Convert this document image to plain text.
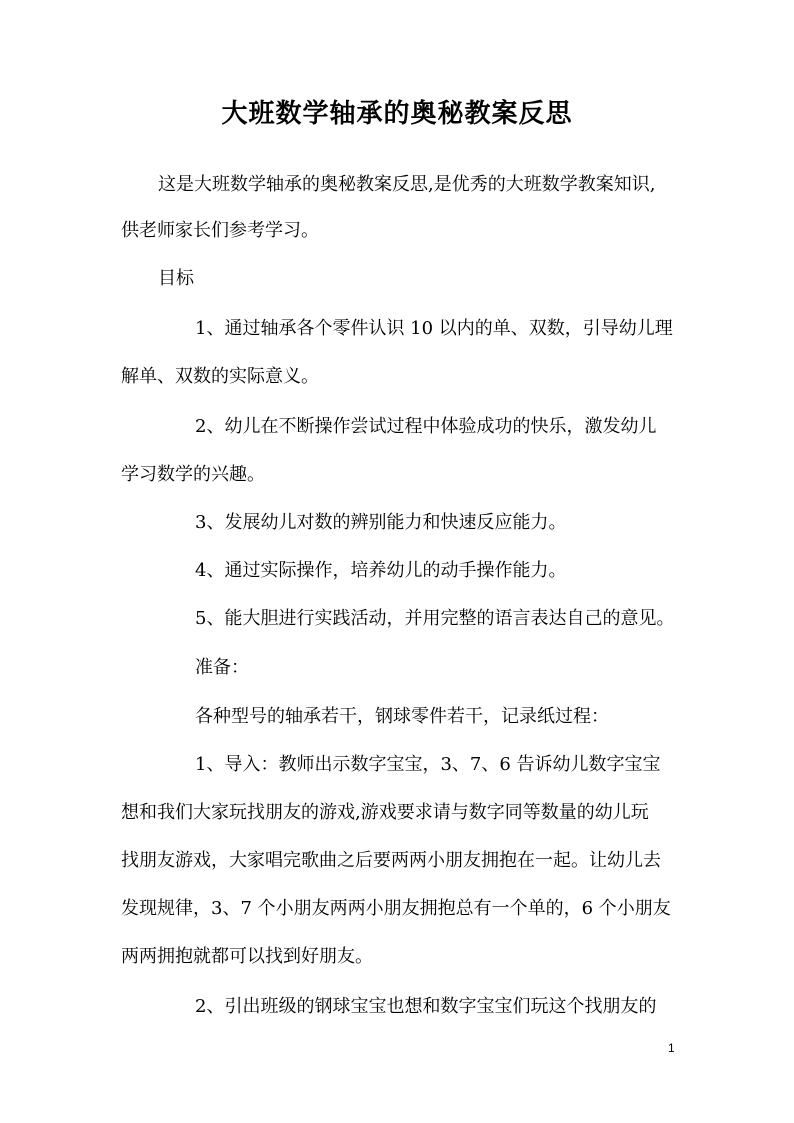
大班数学轴承的奥秘教案反思
这是大班数学轴承的奥秘教案反思,是优秀的大班数学教案知识,
供老师家长们参考学习。
目标
1、通过轴承各个零件认识 10 以内的单、双数，引导幼儿理
解单、双数的实际意义。
2、幼儿在不断操作尝试过程中体验成功的快乐，激发幼儿
学习数学的兴趣。
3、发展幼儿对数的辨别能力和快速反应能力。
4、通过实际操作，培养幼儿的动手操作能力。
5、能大胆进行实践活动，并用完整的语言表达自己的意见。
准备：
各种型号的轴承若干，钢球零件若干，记录纸过程：
1、导入：教师出示数字宝宝，3、7、6 告诉幼儿数字宝宝
想和我们大家玩找朋友的游戏,游戏要求请与数字同等数量的幼儿玩
找朋友游戏，大家唱完歌曲之后要两两小朋友拥抱在一起。让幼儿去
发现规律，3、7 个小朋友两两小朋友拥抱总有一个单的，6 个小朋友
两两拥抱就都可以找到好朋友。
2、引出班级的钢球宝宝也想和数字宝宝们玩这个找朋友的
1
